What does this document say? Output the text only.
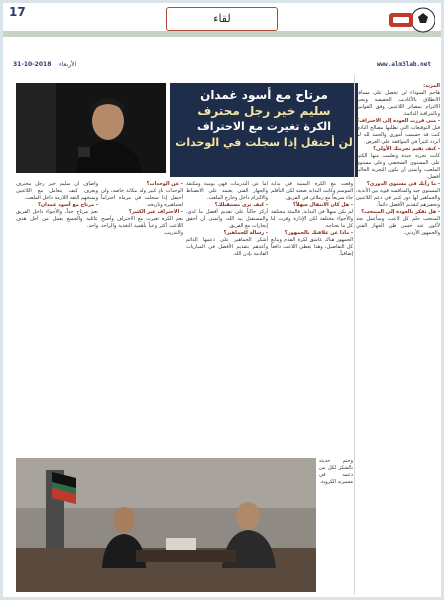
17	لقاء
31-10-2018 الأربعاء	www.alm3lab.net
مرتاح مع أسود غمدان
سليم خير رجل محترف
الكرة تغيرت مع الاحتراف
لن أحتفل إذا سجلت في الوحدات

المزيد:

هاجم السوداء لن تحصل على مسافة الانطلاق بالأكاذيب الحقيقية ويجب الالتزام بمصائر اللاعبين وفق القوانين وبالمراقبة الدائمة.

- متى قررت العودة إلى الاحتراف؟

قبل التوقيعات التي تطلبها مصالح النادي كنت قد حسمت أموري والحمد لله لم أتردد كثيراً في الموافقة على العرض.

- كيف تقيم تجربتك الأولى؟

كانت تجربة جيدة وتعلمت منها الكثير على المستوى الشخصي وعلى مستوى الملعب، وأتمنى أن تكون التجربة الحالية أفضل.

- ما رأيك في مستوى الدوري؟

المستوى جيد والمنافسة قوية بين الأندية، والجماهير لها دور كبير في دعم اللاعبين وتحفيزهم لتقديم الأفضل دائماً.

- هل تفكر بالعودة إلى المنتخب؟

المنتخب حلم كل لاعب، وسأعمل بجد لأكون عند حسن ظن الجهاز الفني والجمهور الأردني.

وقعت مع الكرة اليمنية في بداية الموسم وكانت البداية صعبة لكن التأقلم جاء سريعاً مع زملائي في الفريق.

- هل كان الانتقال سهلاً؟

لم يكن سهلاً في البداية، فالبيئة مختلفة والأجواء مختلفة لكن الإدارة وفرت لنا كل ما نحتاجه.

- ماذا عن علاقتك بالجمهور؟

الجمهور هناك عاشق لكرة القدم ويتابع كل التفاصيل، وهذا يعطي اللاعب دافعاً إضافياً.

أما عن التدريبات فهي يومية ومكثفة والجهاز الفني يعتمد على الانضباط والالتزام داخل وخارج الملعب.

- كيف ترى مستقبلك؟

أركز حالياً على تقديم أفضل ما لدي، والمستقبل بيد الله، وأتمنى أن أحقق إنجازات مع الفريق.

- رسالة للجماهير؟

أشكر الجماهير على دعمها الدائم وأعدهم بتقديم الأفضل في المباريات القادمة بإذن الله.

- عن الوحدات؟

الوحدات نادٍ كبير وله مكانة خاصة، ولن أحتفل إذا سجلت في مرماه احتراماً لجماهيره وتاريخه.

- الاحتراف غير الكثير؟

نعم الكرة تغيرت مع الاحتراف وأصبح اللاعب أكثر وعياً بأهمية التغذية والراحة والتدريب.

وأضاف أن سليم خير رجل محترف ويعرف كيف يتعامل مع اللاعبين ويمنحهم الثقة اللازمة داخل الملعب.

- مرتاح مع أسود غمدان؟

نعم مرتاح جداً، والأجواء داخل الفريق عائلية والجميع يعمل من أجل هدف واحد.

وختم حديثه بالشكر لكل من دعمه في مسيرته الكروية.
